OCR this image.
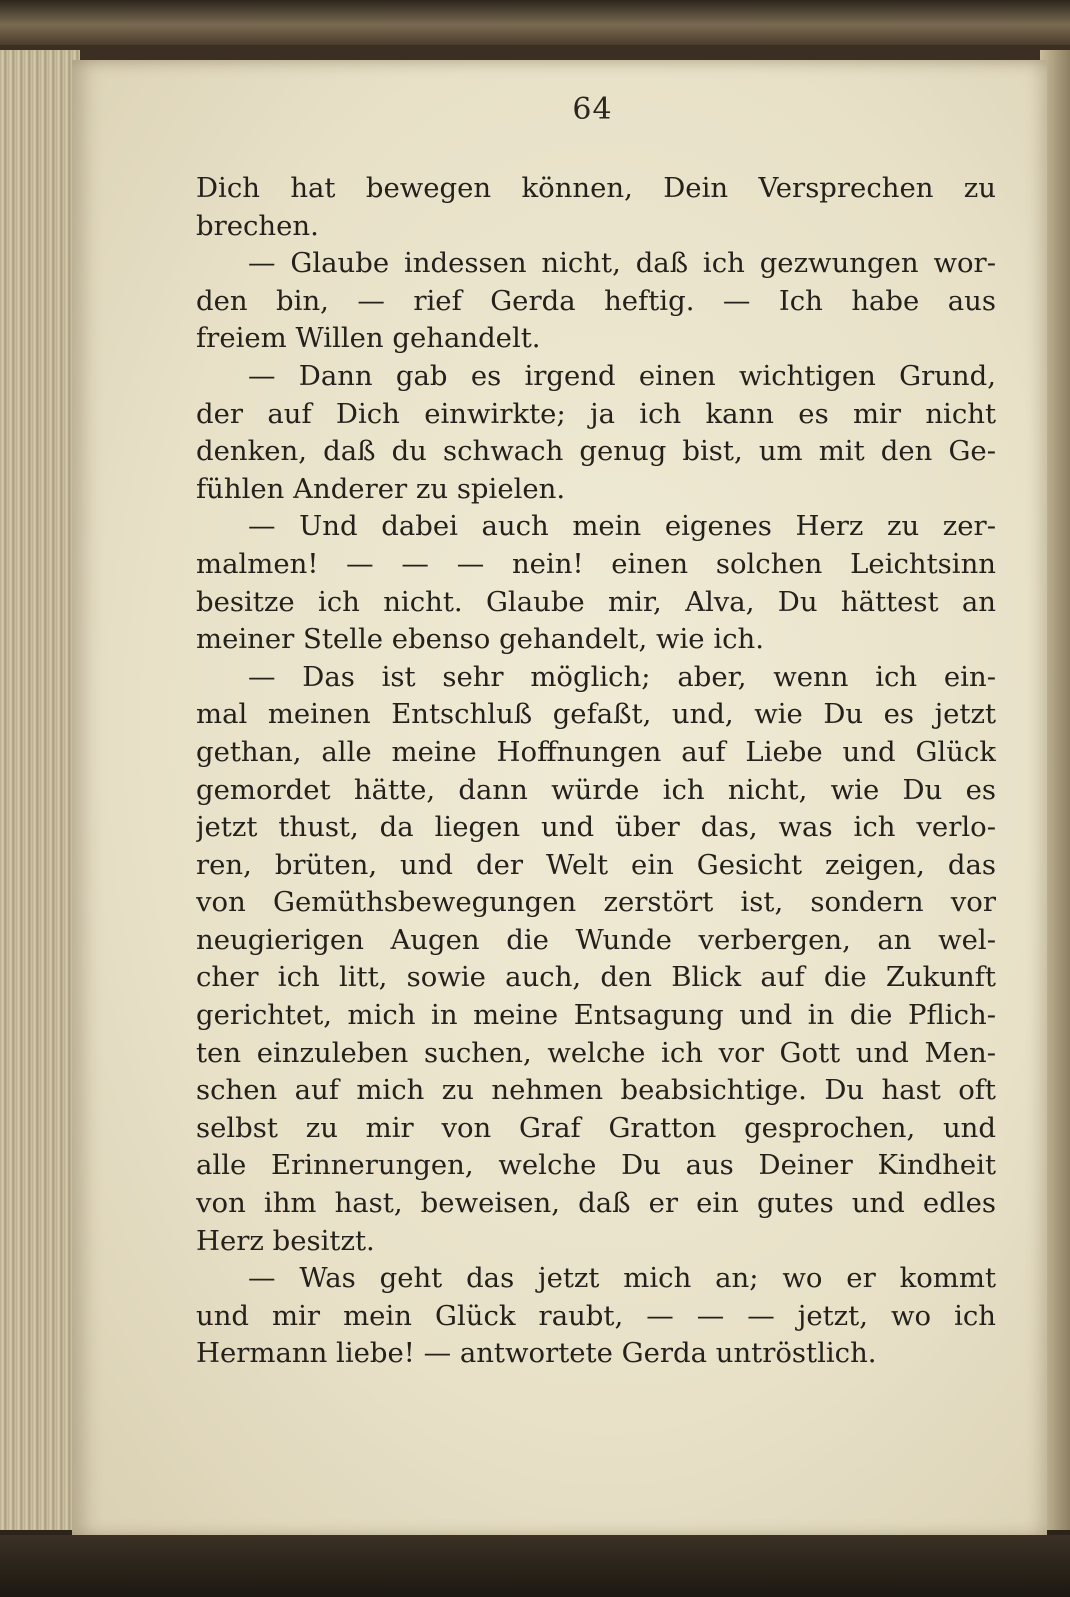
64
Dich hat bewegen können, Dein Versprechen zu
brechen.
— Glaube indessen nicht, daß ich gezwungen wor-
den bin, — rief Gerda heftig. — Ich habe aus
freiem Willen gehandelt.
— Dann gab es irgend einen wichtigen Grund,
der auf Dich einwirkte; ja ich kann es mir nicht
denken, daß du schwach genug bist, um mit den Ge-
fühlen Anderer zu spielen.
— Und dabei auch mein eigenes Herz zu zer-
malmen! — — — nein! einen solchen Leichtsinn
besitze ich nicht. Glaube mir, Alva, Du hättest an
meiner Stelle ebenso gehandelt, wie ich.
— Das ist sehr möglich; aber, wenn ich ein-
mal meinen Entschluß gefaßt, und, wie Du es jetzt
gethan, alle meine Hoffnungen auf Liebe und Glück
gemordet hätte, dann würde ich nicht, wie Du es
jetzt thust, da liegen und über das, was ich verlo-
ren, brüten, und der Welt ein Gesicht zeigen, das
von Gemüthsbewegungen zerstört ist, sondern vor
neugierigen Augen die Wunde verbergen, an wel-
cher ich litt, sowie auch, den Blick auf die Zukunft
gerichtet, mich in meine Entsagung und in die Pflich-
ten einzuleben suchen, welche ich vor Gott und Men-
schen auf mich zu nehmen beabsichtige. Du hast oft
selbst zu mir von Graf Gratton gesprochen, und
alle Erinnerungen, welche Du aus Deiner Kindheit
von ihm hast, beweisen, daß er ein gutes und edles
Herz besitzt.
— Was geht das jetzt mich an; wo er kommt
und mir mein Glück raubt, — — — jetzt, wo ich
Hermann liebe! — antwortete Gerda untröstlich.
